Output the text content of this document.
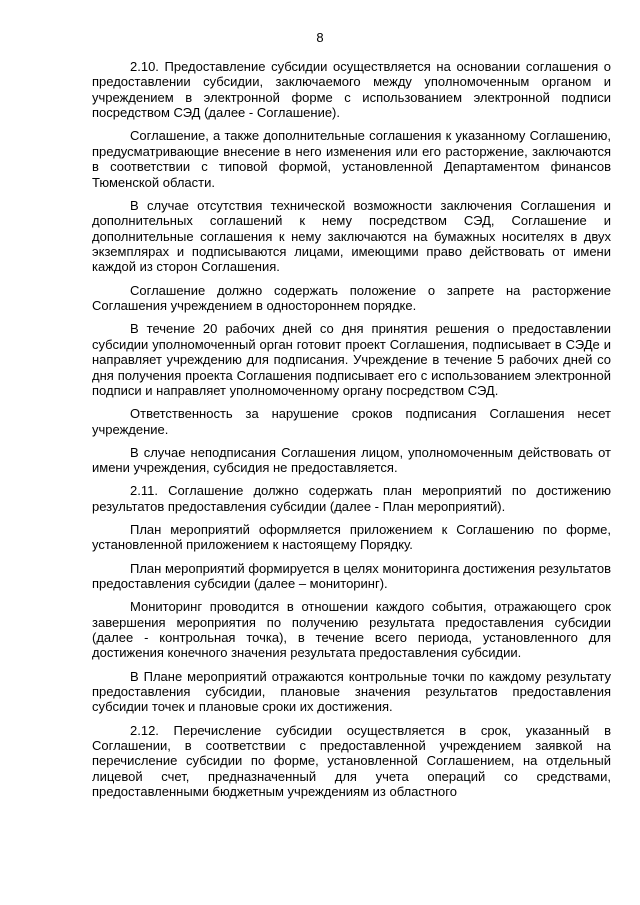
8

2.10. Предоставление субсидии осуществляется на основании соглашения о предоставлении субсидии, заключаемого между уполномоченным органом и учреждением в электронной форме с использованием электронной подписи посредством СЭД (далее - Соглашение).

Соглашение, а также дополнительные соглашения к указанному Соглашению, предусматривающие внесение в него изменения или его расторжение, заключаются в соответствии с типовой формой, установленной Департаментом финансов Тюменской области.

В случае отсутствия технической возможности заключения Соглашения и дополнительных соглашений к нему посредством СЭД, Соглашение и дополнительные соглашения к нему заключаются на бумажных носителях в двух экземплярах и подписываются лицами, имеющими право действовать от имени каждой из сторон Соглашения.

Соглашение должно содержать положение о запрете на расторжение Соглашения учреждением в одностороннем порядке.

В течение 20 рабочих дней со дня принятия решения о предоставлении субсидии уполномоченный орган готовит проект Соглашения, подписывает в СЭДе и направляет учреждению для подписания. Учреждение в течение 5 рабочих дней со дня получения проекта Соглашения подписывает его с использованием электронной подписи и направляет уполномоченному органу посредством СЭД.

Ответственность за нарушение сроков подписания Соглашения несет учреждение.

В случае неподписания Соглашения лицом, уполномоченным действовать от имени учреждения, субсидия не предоставляется.

2.11. Соглашение должно содержать план мероприятий по достижению результатов предоставления субсидии (далее - План мероприятий).

План мероприятий оформляется приложением к Соглашению по форме, установленной приложением к настоящему Порядку.

План мероприятий формируется в целях мониторинга достижения результатов предоставления субсидии (далее – мониторинг).

Мониторинг проводится в отношении каждого события, отражающего срок завершения мероприятия по получению результата предоставления субсидии (далее - контрольная точка), в течение всего периода, установленного для достижения конечного значения результата предоставления субсидии.

В Плане мероприятий отражаются контрольные точки по каждому результату предоставления субсидии, плановые значения результатов предоставления субсидии точек и плановые сроки их достижения.

2.12. Перечисление субсидии осуществляется в срок, указанный в Соглашении, в соответствии с предоставленной учреждением заявкой на перечисление субсидии по форме, установленной Соглашением, на отдельный лицевой счет, предназначенный для учета операций со средствами, предоставленными бюджетным учреждениям из областного
